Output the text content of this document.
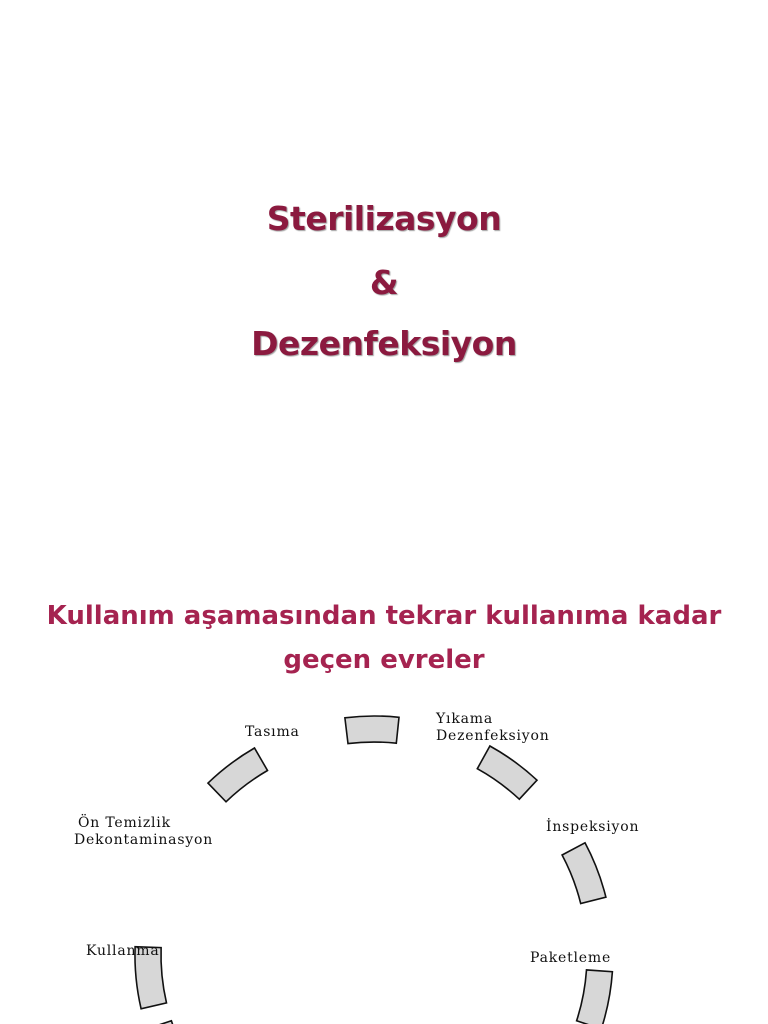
Sterilizasyon
&
Dezenfeksiyon
Kullanım aşamasından tekrar kullanıma kadar
geçen evreler
Tasıma
Yıkama Dezenfeksiyon
İnspeksiyon
Paketleme
Kullanma
Ön Temizlik Dekontaminasyon
